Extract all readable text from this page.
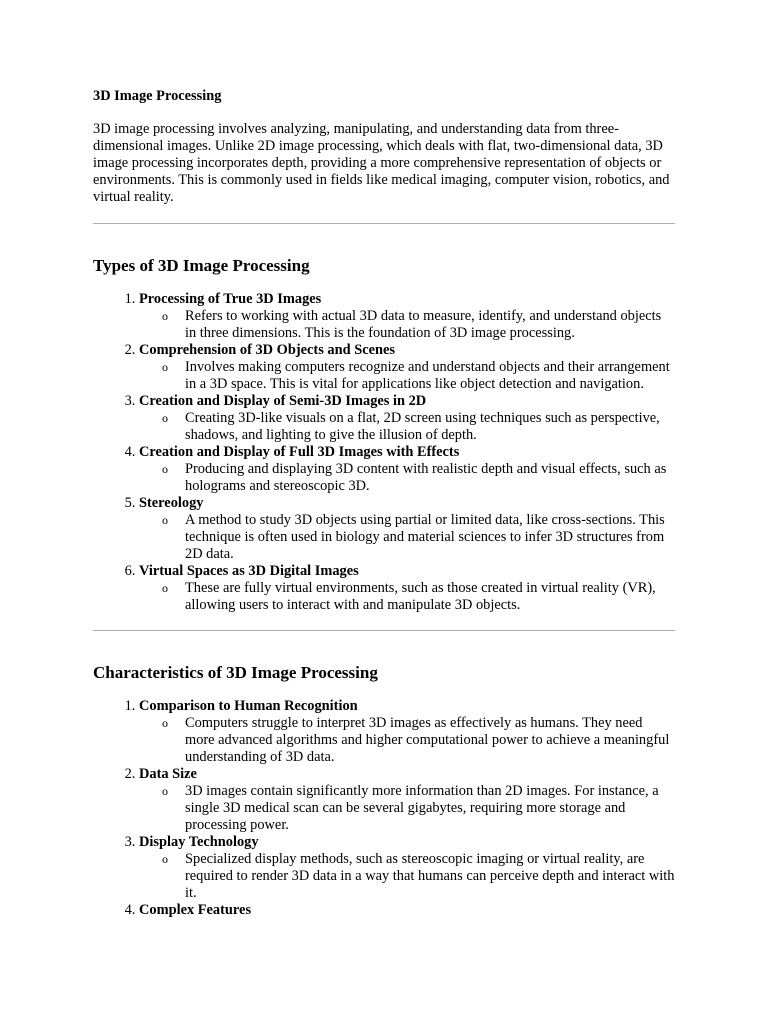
3D Image Processing

3D image processing involves analyzing, manipulating, and understanding data from three-dimensional images. Unlike 2D image processing, which deals with flat, two-dimensional data, 3D image processing incorporates depth, providing a more comprehensive representation of objects or environments. This is commonly used in fields like medical imaging, computer vision, robotics, and virtual reality.

Types of 3D Image Processing
1. Processing of True 3D Images
o Refers to working with actual 3D data to measure, identify, and understand objects in three dimensions. This is the foundation of 3D image processing.
2. Comprehension of 3D Objects and Scenes
o Involves making computers recognize and understand objects and their arrangement in a 3D space. This is vital for applications like object detection and navigation.
3. Creation and Display of Semi-3D Images in 2D
o Creating 3D-like visuals on a flat, 2D screen using techniques such as perspective, shadows, and lighting to give the illusion of depth.
4. Creation and Display of Full 3D Images with Effects
o Producing and displaying 3D content with realistic depth and visual effects, such as holograms and stereoscopic 3D.
5. Stereology
o A method to study 3D objects using partial or limited data, like cross-sections. This technique is often used in biology and material sciences to infer 3D structures from 2D data.
6. Virtual Spaces as 3D Digital Images
o These are fully virtual environments, such as those created in virtual reality (VR), allowing users to interact with and manipulate 3D objects.
Characteristics of 3D Image Processing
1. Comparison to Human Recognition
o Computers struggle to interpret 3D images as effectively as humans. They need more advanced algorithms and higher computational power to achieve a meaningful understanding of 3D data.
2. Data Size
o 3D images contain significantly more information than 2D images. For instance, a single 3D medical scan can be several gigabytes, requiring more storage and processing power.
3. Display Technology
o Specialized display methods, such as stereoscopic imaging or virtual reality, are required to render 3D data in a way that humans can perceive depth and interact with it.
4. Complex Features
